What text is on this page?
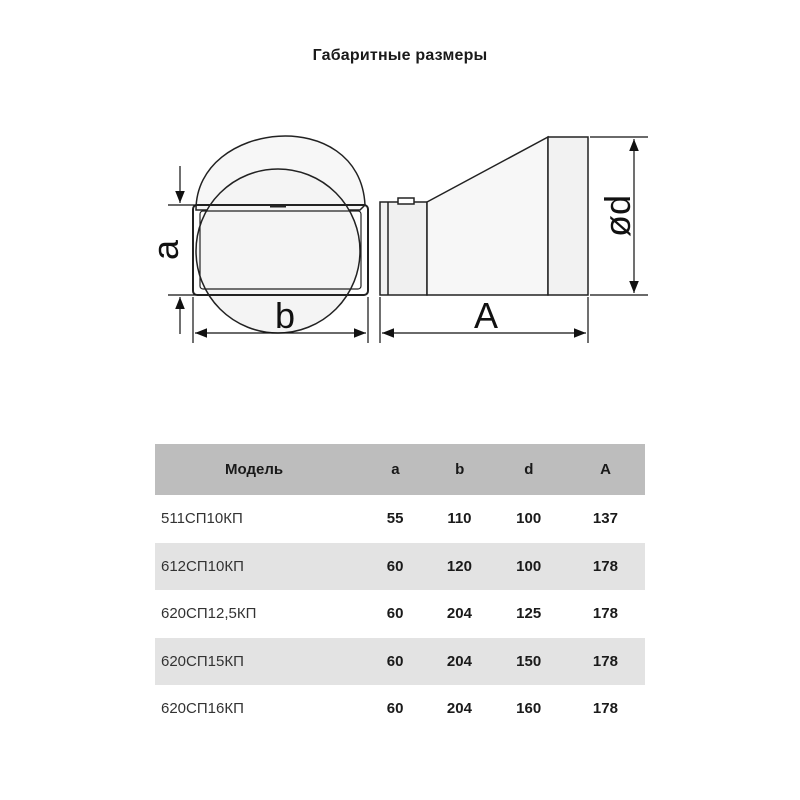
Габаритные размеры
a
b	A
ød
Модель	a	b	d	A
511СП10КП	55	110	100	137
612СП10КП	60	120	100	178
620СП12,5КП	60	204	125	178
620СП15КП	60	204	150	178
620СП16КП	60	204	160	178
